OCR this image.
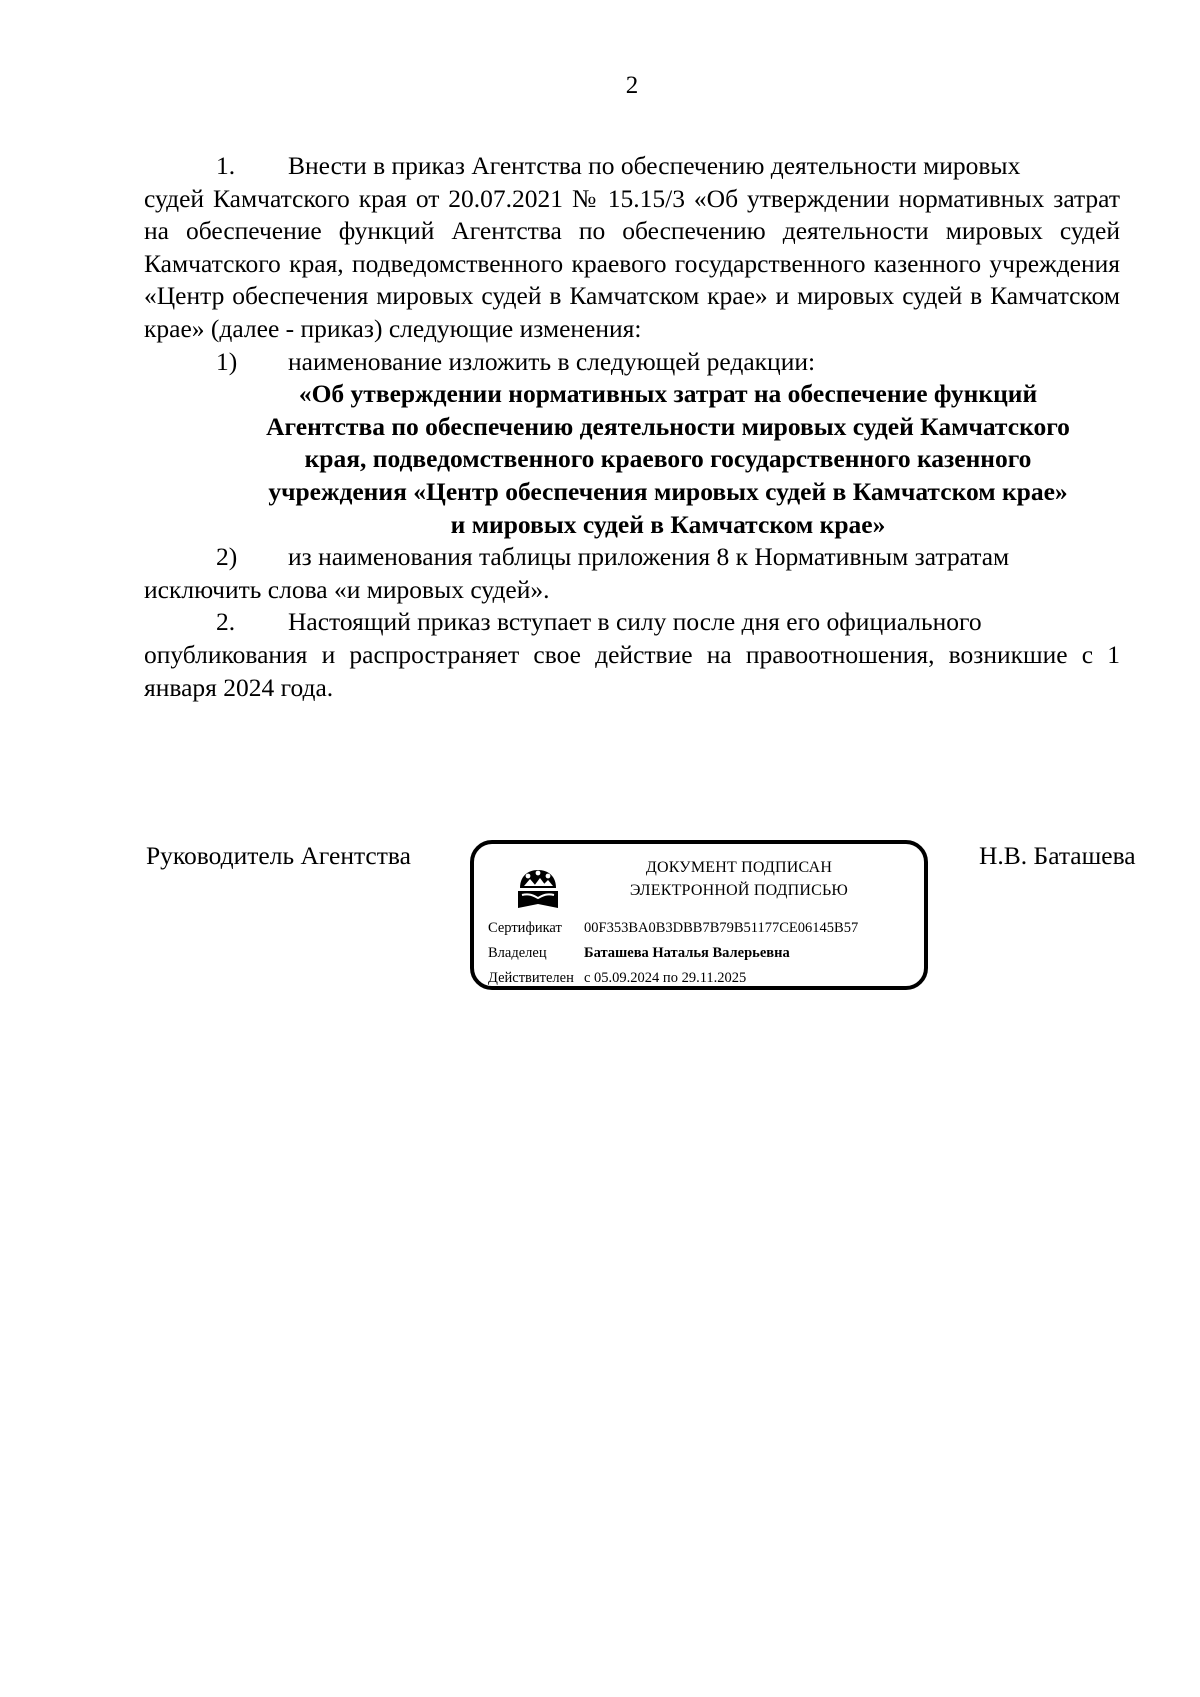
2

1. Внести в приказ Агентства по обеспечению деятельности мировых

судей Камчатского края от 20.07.2021 № 15.15/3 «Об утверждении нормативных затрат на обеспечение функций Агентства по обеспечению деятельности мировых судей Камчатского края, подведомственного краевого государственного казенного учреждения «Центр обеспечения мировых судей в Камчатском крае» и мировых судей в Камчатском крае» (далее - приказ) следующие изменения:

1) наименование изложить в следующей редакции:

«Об утверждении нормативных затрат на обеспечение функций
Агентства по обеспечению деятельности мировых судей Камчатского
края, подведомственного краевого государственного казенного
учреждения «Центр обеспечения мировых судей в Камчатском крае»
и мировых судей в Камчатском крае»

2) из наименования таблицы приложения 8 к Нормативным затратам

исключить слова «и мировых судей».

2. Настоящий приказ вступает в силу после дня его официального

опубликования и распространяет свое действие на правоотношения, возникшие с 1 января 2024 года.

Руководитель Агентства	ДОКУМЕНТ ПОДПИСАН
ЭЛЕКТРОННОЙ ПОДПИСЬЮ
Сертификат 00F353BA0B3DBB7B79B51177CE06145B57
Владелец	Баташева Наталья Валерьевна
Действителен с 05.09.2024 по 29.11.2025
Н.В. Баташева
